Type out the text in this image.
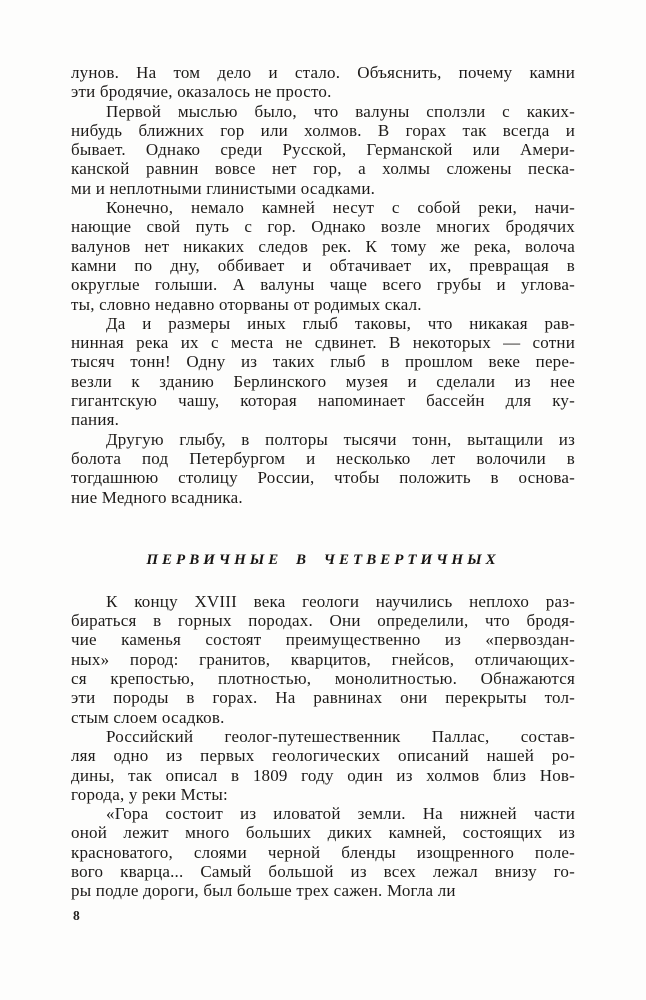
лунов. На том дело и стало. Объяснить, почему камни
эти бродячие, оказалось не просто.
Первой мыслью было, что валуны сползли с каких-
нибудь ближних гор или холмов. В горах так всегда и
бывает. Однако среди Русской, Германской или Амери-
канской равнин вовсе нет гор, а холмы сложены песка-
ми и неплотными глинистыми осадками.
Конечно, немало камней несут с собой реки, начи-
нающие свой путь с гор. Однако возле многих бродячих
валунов нет никаких следов рек. К тому же река, волоча
камни по дну, оббивает и обтачивает их, превращая в
округлые голыши. А валуны чаще всего грубы и углова-
ты, словно недавно оторваны от родимых скал.
Да и размеры иных глыб таковы, что никакая рав-
нинная река их с места не сдвинет. В некоторых — сотни
тысяч тонн! Одну из таких глыб в прошлом веке пере-
везли к зданию Берлинского музея и сделали из нее
гигантскую чашу, которая напоминает бассейн для ку-
пания.
Другую глыбу, в полторы тысячи тонн, вытащили из
болота под Петербургом и несколько лет волочили в
тогдашнюю столицу России, чтобы положить в основа-
ние Медного всадника.
ПЕРВИЧНЫЕ В ЧЕТВЕРТИЧНЫХ
К концу XVIII века геологи научились неплохо раз-
бираться в горных породах. Они определили, что бродя-
чие каменья состоят преимущественно из «первоздан-
ных» пород: гранитов, кварцитов, гнейсов, отличающих-
ся крепостью, плотностью, монолитностью. Обнажаются
эти породы в горах. На равнинах они перекрыты тол-
стым слоем осадков.
Российский геолог-путешественник Паллас, состав-
ляя одно из первых геологических описаний нашей ро-
дины, так описал в 1809 году один из холмов близ Нов-
города, у реки Мсты:
«Гора состоит из иловатой земли. На нижней части
оной лежит много больших диких камней, состоящих из
красноватого, слоями черной бленды изощренного поле-
вого кварца... Самый большой из всех лежал внизу го-
ры подле дороги, был больше трех сажен. Могла ли
8
